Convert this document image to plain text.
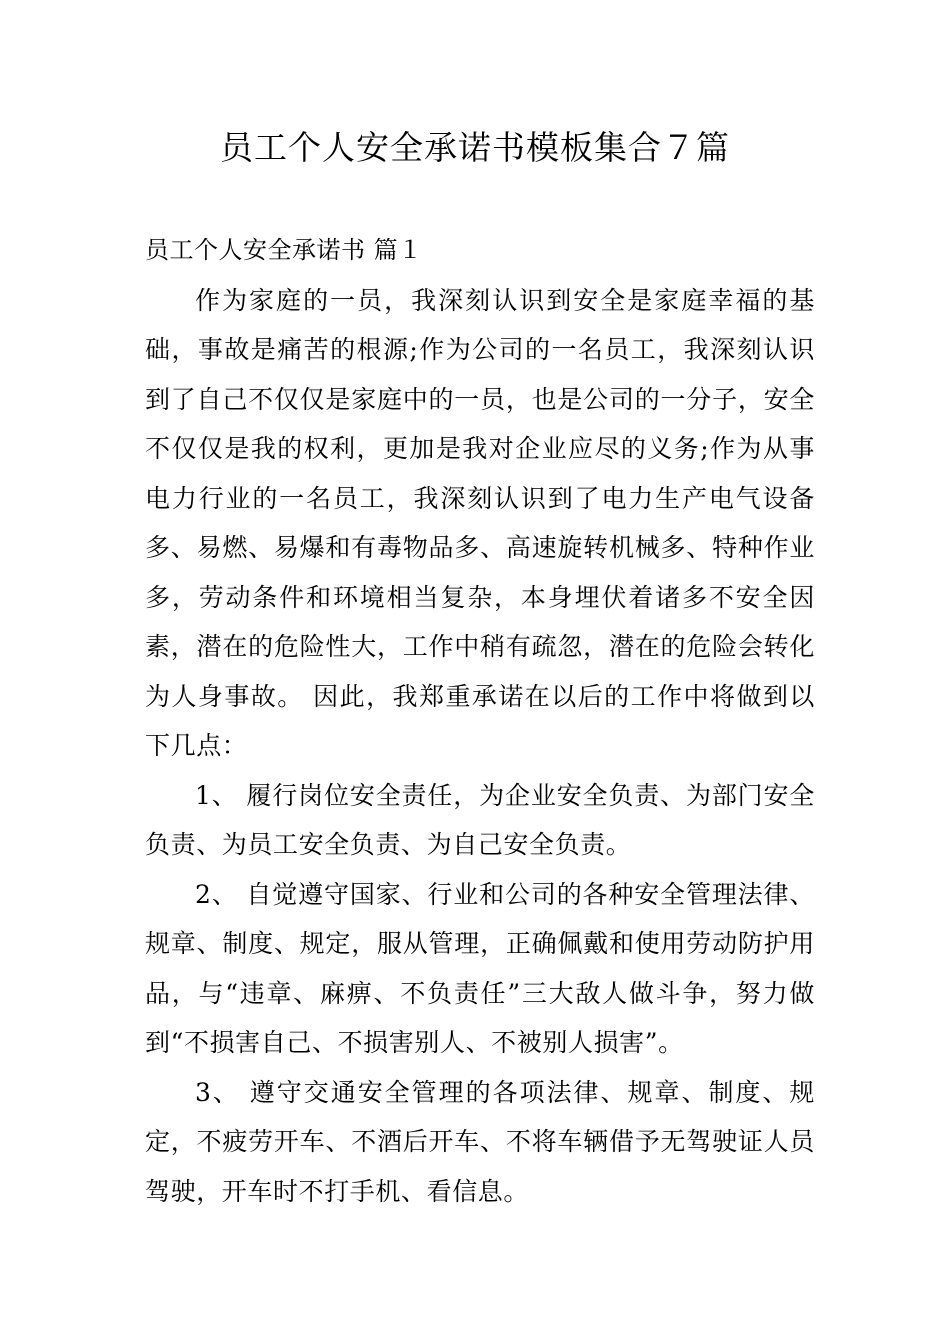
员工个人安全承诺书模板集合７篇

员工个人安全承诺书 篇１

作为家庭的一员，我深刻认识到安全是家庭幸福的基础，事故是痛苦的根源;作为公司的一名员工，我深刻认识到了自己不仅仅是家庭中的一员，也是公司的一分子，安全不仅仅是我的权利，更加是我对企业应尽的义务;作为从事电力行业的一名员工，我深刻认识到了电力生产电气设备多、易燃、易爆和有毒物品多、高速旋转机械多、特种作业多，劳动条件和环境相当复杂，本身埋伏着诸多不安全因素，潜在的危险性大，工作中稍有疏忽，潜在的危险会转化为人身事故。 因此，我郑重承诺在以后的工作中将做到以下几点：

1、 履行岗位安全责任，为企业安全负责、为部门安全负责、为员工安全负责、为自己安全负责。

2、 自觉遵守国家、行业和公司的各种安全管理法律、规章、制度、规定，服从管理，正确佩戴和使用劳动防护用品，与“违章、麻痹、不负责任”三大敌人做斗争，努力做到“不损害自己、不损害别人、不被别人损害”。

3、 遵守交通安全管理的各项法律、规章、制度、规定，不疲劳开车、不酒后开车、不将车辆借予无驾驶证人员驾驶，开车时不打手机、看信息。
